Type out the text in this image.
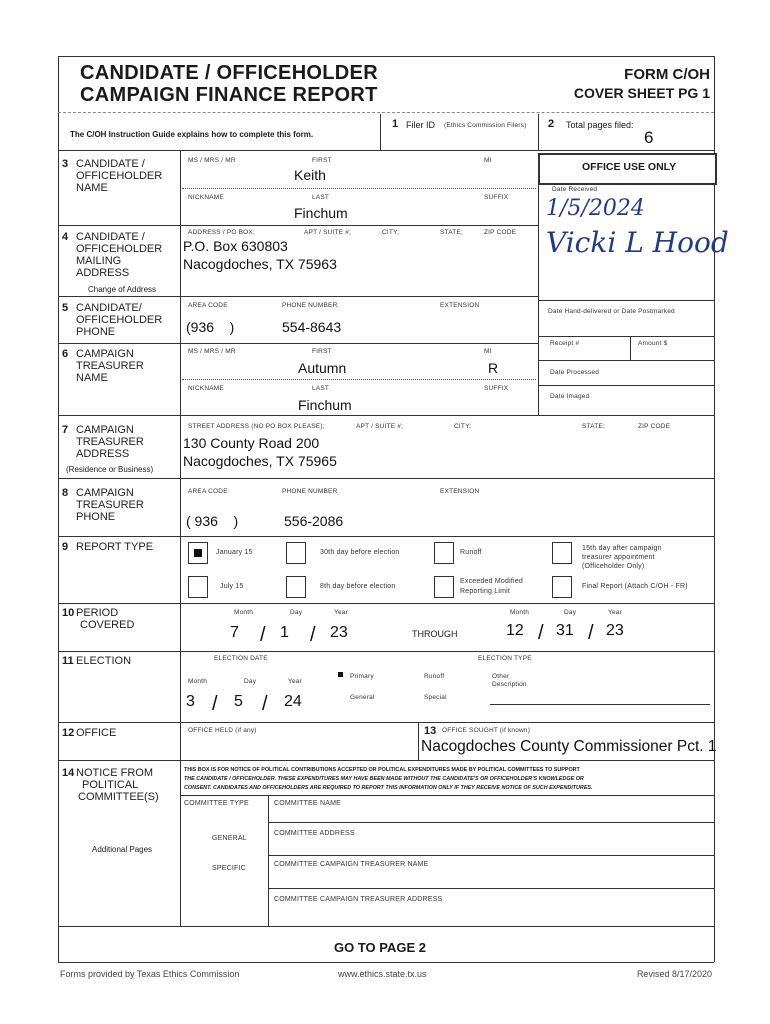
CANDIDATE / OFFICEHOLDER
CAMPAIGN FINANCE REPORT
FORM C/OH
COVER SHEET PG 1
The C/OH Instruction Guide explains how to complete this form.
1 Filer ID (Ethics Commission Filers) 2 Total pages filed:
6
OFFICE USE ONLY
Date Received
1/5/2024
Vicki L Hood
Date Hand-delivered or Date Postmarked
Receipt #	Amount $
Date Processed
Date Imaged
3 CANDIDATE /
OFFICEHOLDER
NAME
MS / MRS / MR	FIRST	MI
Keith
NICKNAME	LAST	SUFFIX
Finchum
4 CANDIDATE /
OFFICEHOLDER
MAILING
ADDRESS
ADDRESS / PO BOX;	APT / SUITE #;	CITY;	STATE;	ZIP CODE
P.O. Box 630803
Nacogdoches, TX 75963
Change of Address
5 CANDIDATE/
OFFICEHOLDER
PHONE
AREA CODE	PHONE NUMBER	EXTENSION
(936    )	554-8643
6 CAMPAIGN
TREASURER
NAME
MS / MRS / MR	FIRST	MI
Autumn	R
NICKNAME	LAST	SUFFIX
Finchum
7 CAMPAIGN
TREASURER
ADDRESS
(Residence or Business)
STREET ADDRESS (NO PO BOX PLEASE);	APT / SUITE #;	CITY;	STATE;	ZIP CODE
130 County Road 200
Nacogdoches, TX 75965
8 CAMPAIGN
TREASURER
PHONE
AREA CODE	PHONE NUMBER	EXTENSION
( 936    )	556-2086
9 REPORT TYPE	January 15	30th day before election	Runoff
15th day after campaign
treasurer appointment
(Officeholder Only)
July 15	8th day before election
Exceeded Modified
Reporting Limit
Final Report (Attach C/OH - FR)
10 PERIOD
COVERED
Month	Day	Year
7 / 1 / 23	THROUGH
Month	Day	Year
12 / 31 / 23
11 ELECTION	ELECTION DATE	ELECTION TYPE
Month	Day	Year
3 / 5 / 24
Primary	Runoff	Other
Description
General	Special
12 OFFICE	OFFICE HELD (if any)	13 OFFICE SOUGHT (if known)
Nacogdoches County Commissioner Pct. 1
14 NOTICE FROM
POLITICAL
COMMITTEE(S)
Additional Pages
THIS BOX IS FOR NOTICE OF POLITICAL CONTRIBUTIONS ACCEPTED OR POLITICAL EXPENDITURES MADE BY POLITICAL COMMITTEES TO SUPPORT
THE CANDIDATE / OFFICEHOLDER. THESE EXPENDITURES MAY HAVE BEEN MADE WITHOUT THE CANDIDATE'S OR OFFICEHOLDER'S KNOWLEDGE OR
CONSENT. CANDIDATES AND OFFICEHOLDERS ARE REQUIRED TO REPORT THIS INFORMATION ONLY IF THEY RECEIVE NOTICE OF SUCH EXPENDITURES.
COMMITTEE TYPE	COMMITTEE NAME
GENERAL
COMMITTEE ADDRESS
SPECIFIC
COMMITTEE CAMPAIGN TREASURER NAME
COMMITTEE CAMPAIGN TREASURER ADDRESS
GO TO PAGE 2
Forms provided by Texas Ethics Commission	www.ethics.state.tx.us	Revised 8/17/2020
